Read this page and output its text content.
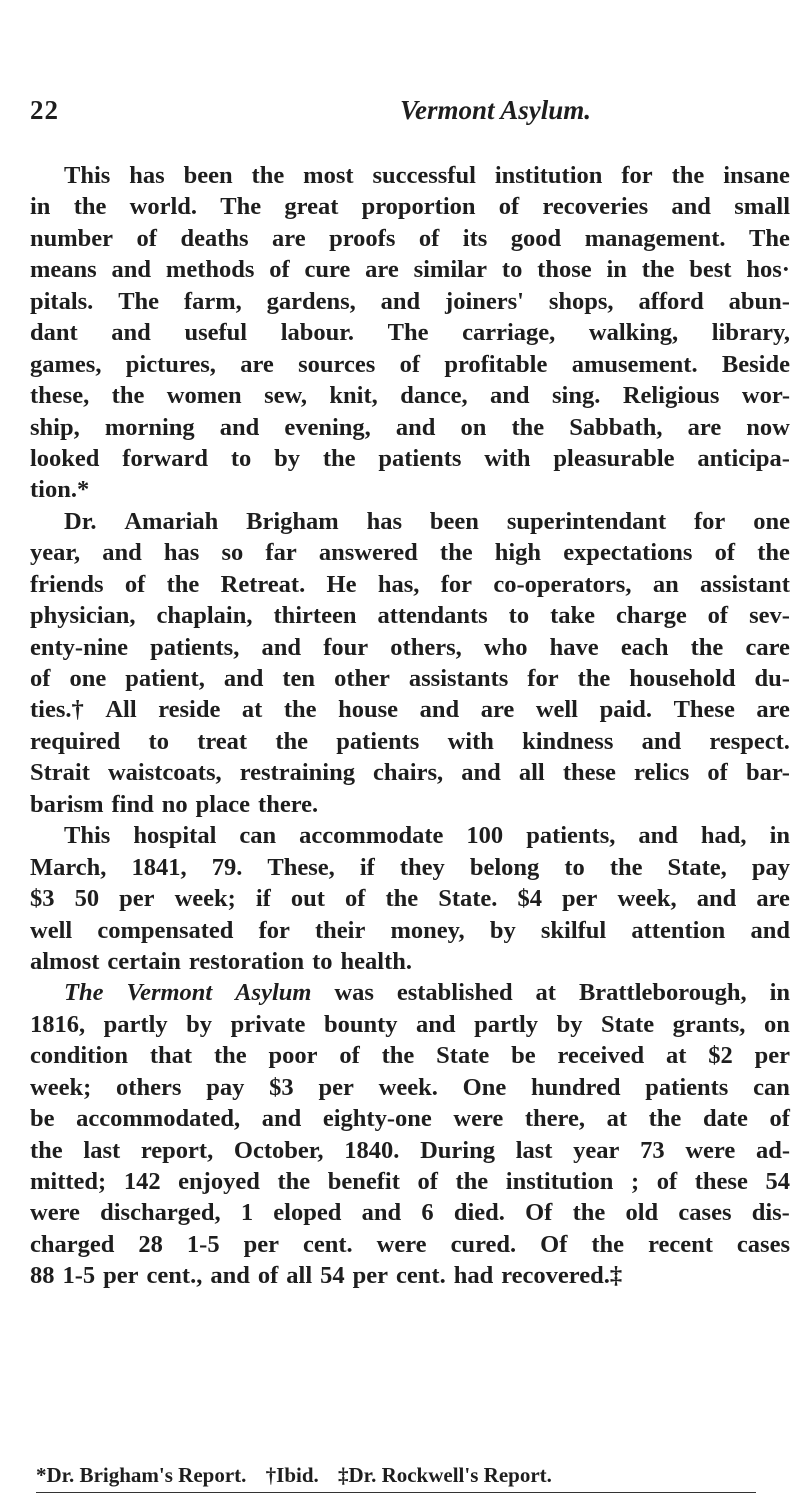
22	Vermont Asylum.
This has been the most successful institution for the insane
in the world. The great proportion of recoveries and small
number of deaths are proofs of its good management. The
means and methods of cure are similar to those in the best hos·
pitals. The farm, gardens, and joiners' shops, afford abun-
dant and useful labour. The carriage, walking, library,
games, pictures, are sources of profitable amusement. Beside
these, the women sew, knit, dance, and sing. Religious wor-
ship, morning and evening, and on the Sabbath, are now
looked forward to by the patients with pleasurable anticipa-
tion.*
Dr. Amariah Brigham has been superintendant for one
year, and has so far answered the high expectations of the
friends of the Retreat. He has, for co-operators, an assistant
physician, chaplain, thirteen attendants to take charge of sev-
enty-nine patients, and four others, who have each the care
of one patient, and ten other assistants for the household du-
ties.† All reside at the house and are well paid. These are
required to treat the patients with kindness and respect.
Strait waistcoats, restraining chairs, and all these relics of bar-
barism find no place there.
This hospital can accommodate 100 patients, and had, in
March, 1841, 79. These, if they belong to the State, pay
$3 50 per week; if out of the State. $4 per week, and are
well compensated for their money, by skilful attention and
almost certain restoration to health.
The Vermont Asylum was established at Brattleborough, in
1816, partly by private bounty and partly by State grants, on
condition that the poor of the State be received at $2 per
week; others pay $3 per week. One hundred patients can
be accommodated, and eighty-one were there, at the date of
the last report, October, 1840. During last year 73 were ad-
mitted; 142 enjoyed the benefit of the institution ; of these 54
were discharged, 1 eloped and 6 died. Of the old cases dis-
charged 28 1-5 per cent. were cured. Of the recent cases
88 1-5 per cent., and of all 54 per cent. had recovered.‡
*Dr. Brigham's Report. †Ibid. ‡Dr. Rockwell's Report.
